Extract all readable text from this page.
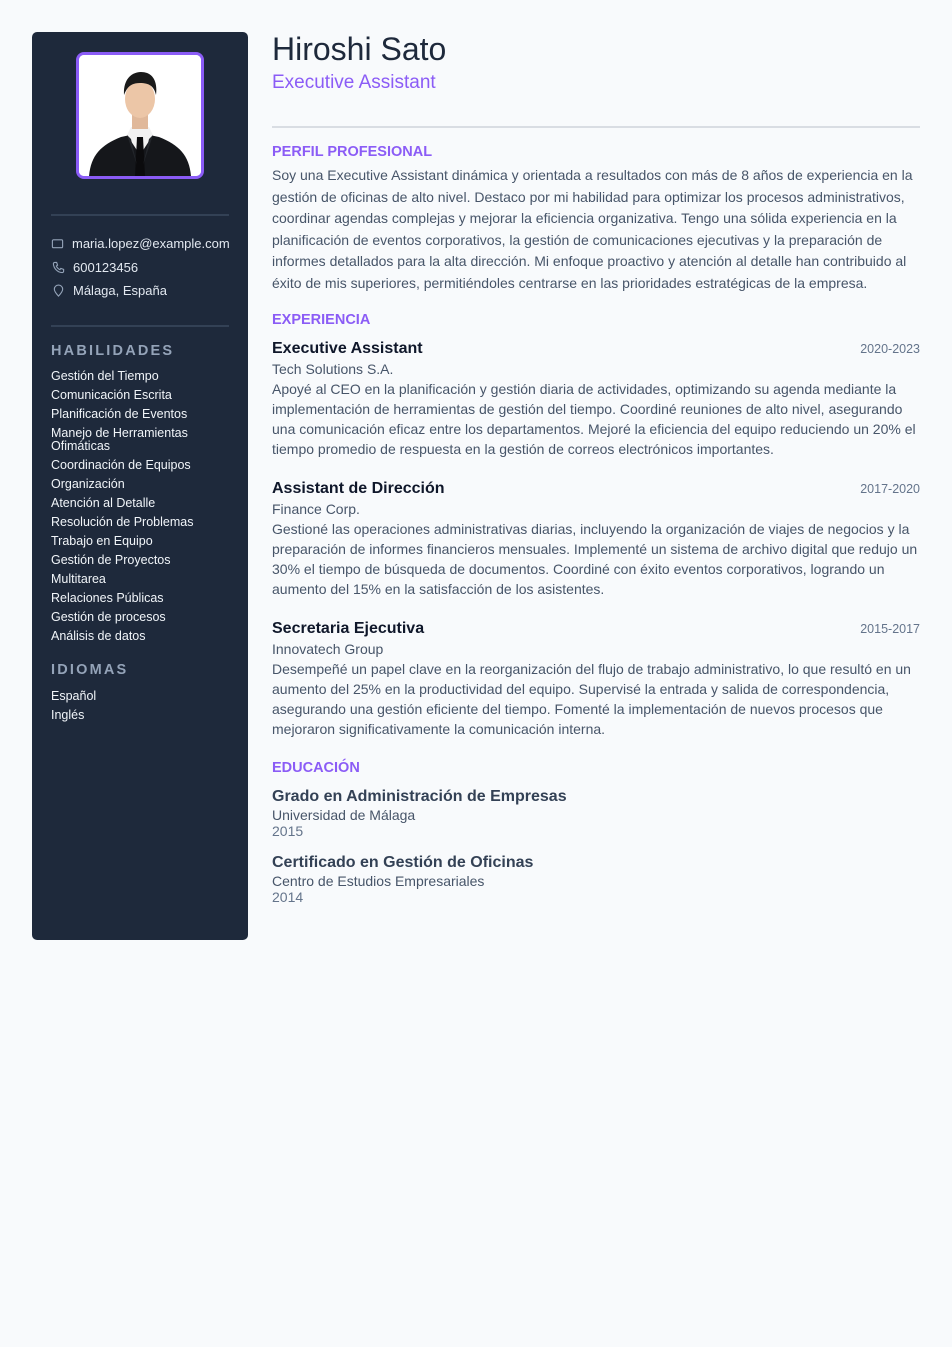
maria.lopez@example.com
600123456
Málaga, España
HABILIDADES
Gestión del Tiempo
Comunicación Escrita
Planificación de Eventos
Manejo de Herramientas Ofimáticas
Coordinación de Equipos
Organización
Atención al Detalle
Resolución de Problemas
Trabajo en Equipo
Gestión de Proyectos
Multitarea
Relaciones Públicas
Gestión de procesos
Análisis de datos
IDIOMAS
Español
Inglés
Hiroshi Sato
Executive Assistant
PERFIL PROFESIONAL

Soy una Executive Assistant dinámica y orientada a resultados con más de 8 años de experiencia en la gestión de oficinas de alto nivel. Destaco por mi habilidad para optimizar los procesos administrativos, coordinar agendas complejas y mejorar la eficiencia organizativa. Tengo una sólida experiencia en la planificación de eventos corporativos, la gestión de comunicaciones ejecutivas y la preparación de informes detallados para la alta dirección. Mi enfoque proactivo y atención al detalle han contribuido al éxito de mis superiores, permitiéndoles centrarse en las prioridades estratégicas de la empresa.

EXPERIENCIA
Executive Assistant	2020-2023
Tech Solutions S.A.

Apoyé al CEO en la planificación y gestión diaria de actividades, optimizando su agenda mediante la implementación de herramientas de gestión del tiempo. Coordiné reuniones de alto nivel, asegurando una comunicación eficaz entre los departamentos. Mejoré la eficiencia del equipo reduciendo un 20% el tiempo promedio de respuesta en la gestión de correos electrónicos importantes.

Assistant de Dirección	2017-2020
Finance Corp.

Gestioné las operaciones administrativas diarias, incluyendo la organización de viajes de negocios y la preparación de informes financieros mensuales. Implementé un sistema de archivo digital que redujo un 30% el tiempo de búsqueda de documentos. Coordiné con éxito eventos corporativos, logrando un aumento del 15% en la satisfacción de los asistentes.

Secretaria Ejecutiva	2015-2017
Innovatech Group

Desempeñé un papel clave en la reorganización del flujo de trabajo administrativo, lo que resultó en un aumento del 25% en la productividad del equipo. Supervisé la entrada y salida de correspondencia, asegurando una gestión eficiente del tiempo. Fomenté la implementación de nuevos procesos que mejoraron significativamente la comunicación interna.

EDUCACIÓN
Grado en Administración de Empresas
Universidad de Málaga
2015
Certificado en Gestión de Oficinas
Centro de Estudios Empresariales
2014
